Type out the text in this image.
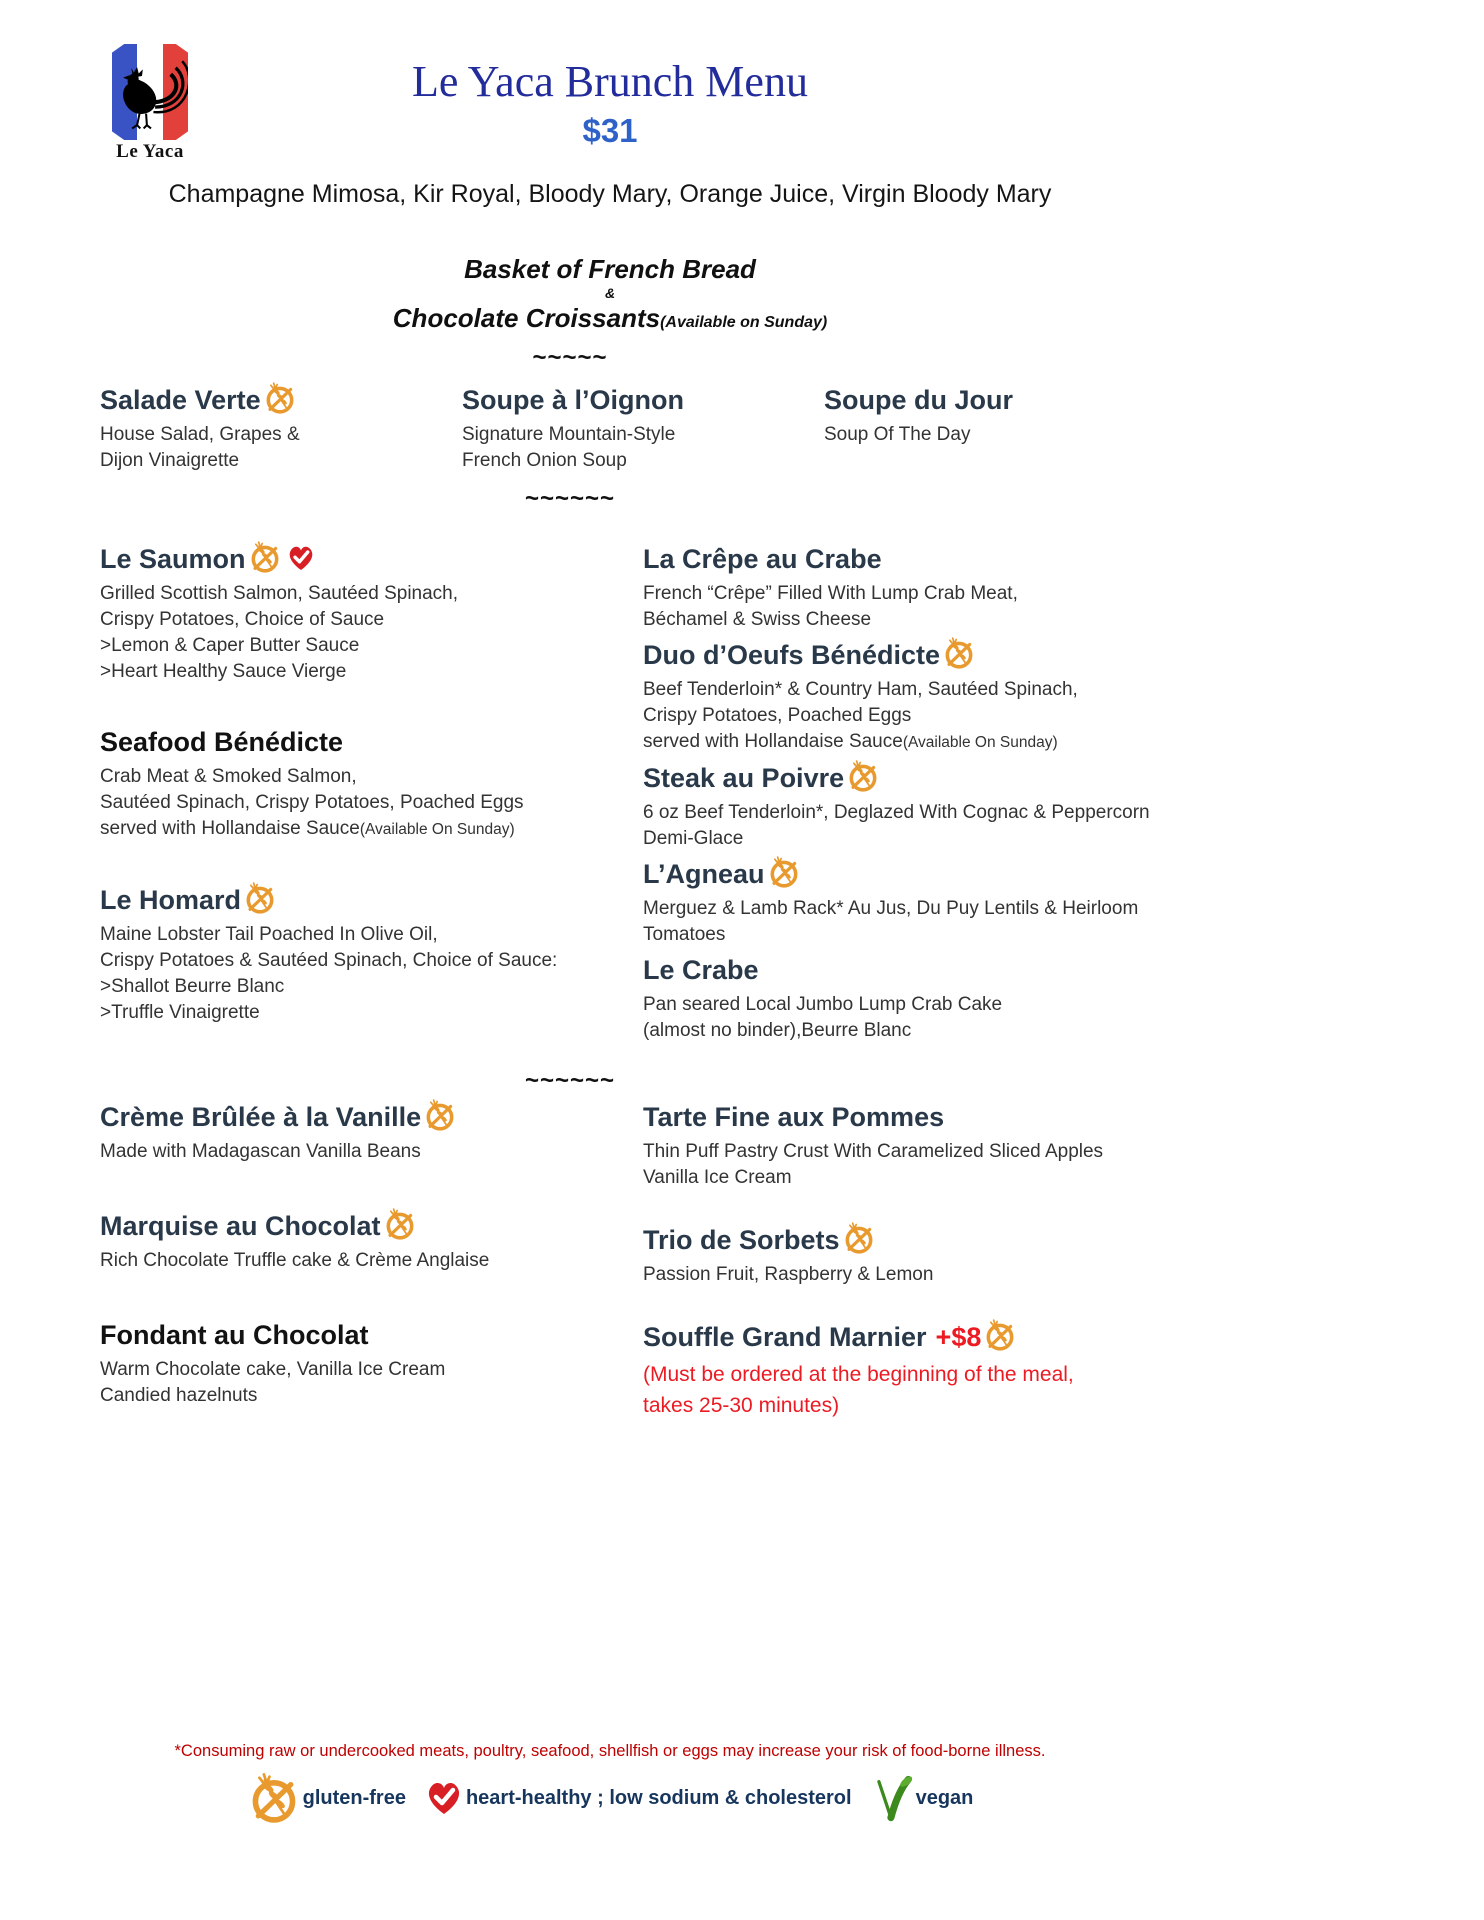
Le Yaca
Le Yaca Brunch Menu
$31
Champagne Mimosa, Kir Royal, Bloody Mary, Orange Juice, Virgin Bloody Mary
Basket of French Bread
&
Chocolate Croissants(Available on Sunday)
~~~~~
Salade Verte
House Salad, Grapes &
Dijon Vinaigrette
Soupe à l’Oignon
Signature Mountain-Style
French Onion Soup
Soupe du Jour
Soup Of The Day
~~~~~~
Le Saumon
Grilled Scottish Salmon, Sautéed Spinach,
Crispy Potatoes, Choice of Sauce
>Lemon & Caper Butter Sauce
>Heart Healthy Sauce Vierge
Seafood Bénédicte
Crab Meat & Smoked Salmon,
Sautéed Spinach, Crispy Potatoes, Poached Eggs
served with Hollandaise Sauce(Available On Sunday)
Le Homard
Maine Lobster Tail Poached In Olive Oil,
Crispy Potatoes & Sautéed Spinach, Choice of Sauce:
>Shallot Beurre Blanc
>Truffle Vinaigrette
La Crêpe au Crabe
French “Crêpe” Filled With Lump Crab Meat,
Béchamel & Swiss Cheese
Duo d’Oeufs Bénédicte
Beef Tenderloin* & Country Ham, Sautéed Spinach,
Crispy Potatoes, Poached Eggs
served with Hollandaise Sauce(Available On Sunday)
Steak au Poivre
6 oz Beef Tenderloin*, Deglazed With Cognac & Peppercorn
Demi-Glace
L’Agneau
Merguez & Lamb Rack* Au Jus, Du Puy Lentils & Heirloom
Tomatoes
Le Crabe
Pan seared Local Jumbo Lump Crab Cake
(almost no binder),Beurre Blanc
~~~~~~
Crème Brûlée à la Vanille
Made with Madagascan Vanilla Beans
Marquise au Chocolat
Rich Chocolate Truffle cake & Crème Anglaise
Fondant au Chocolat
Warm Chocolate cake, Vanilla Ice Cream
Candied hazelnuts
Tarte Fine aux Pommes
Thin Puff Pastry Crust With Caramelized Sliced Apples
Vanilla Ice Cream
Trio de Sorbets
Passion Fruit, Raspberry & Lemon
Souffle Grand Marnier +$8
(Must be ordered at the beginning of the meal,
takes 25-30 minutes)
*Consuming raw or undercooked meats, poultry, seafood, shellfish or eggs may increase your risk of food-borne illness.
gluten-free	heart-healthy ; low sodium & cholesterol	vegan
